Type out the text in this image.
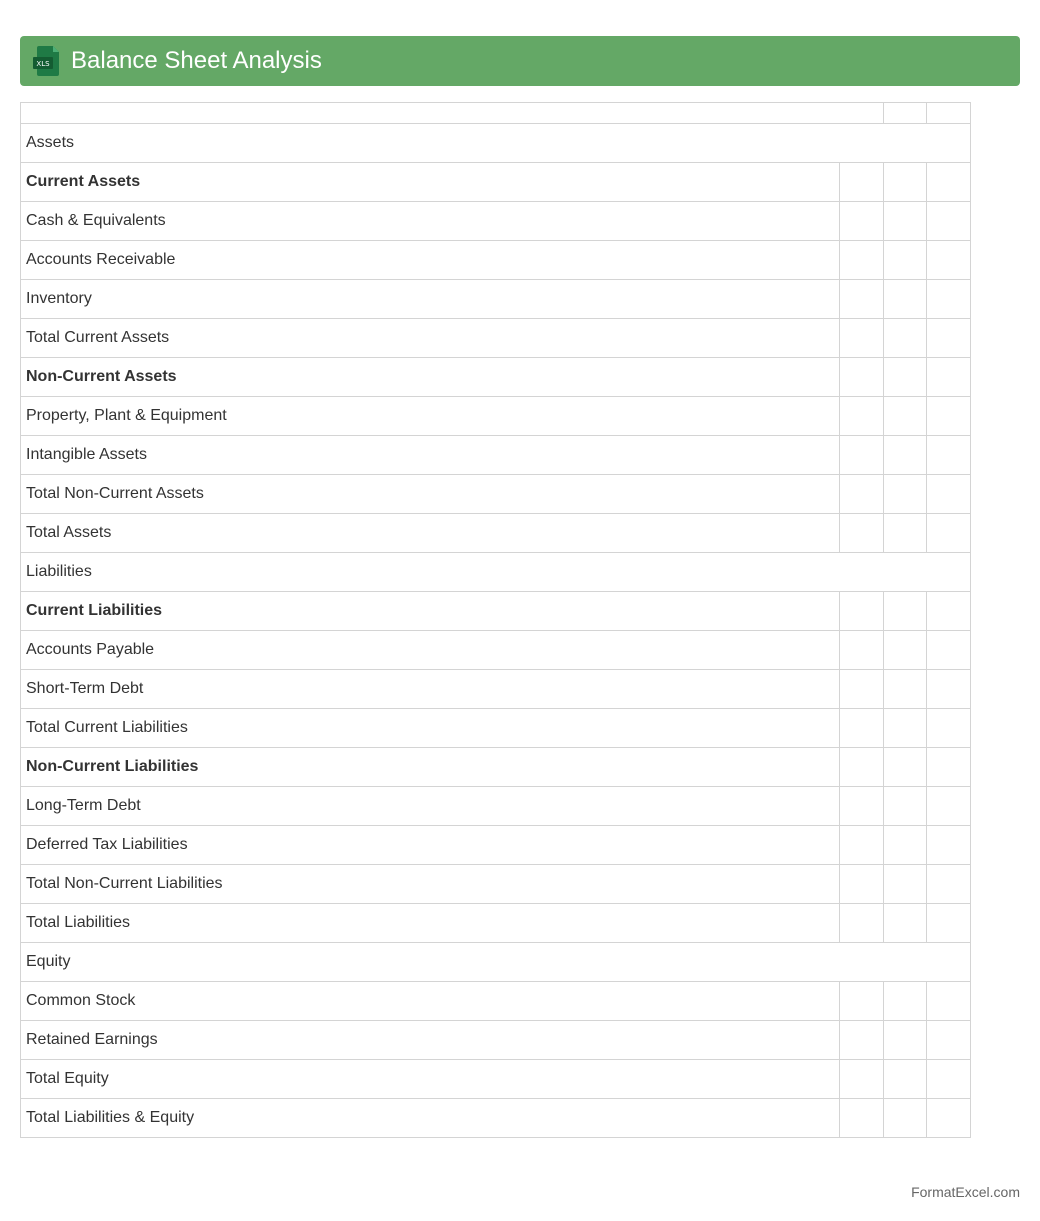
XLS Balance Sheet Analysis

Assets			
Current Assets			
Cash & Equivalents			
Accounts Receivable			
Inventory			
Total Current Assets			
Non-Current Assets			
Property, Plant & Equipment			
Intangible Assets			
Total Non-Current Assets			
Total Assets			
Liabilities			
Current Liabilities			
Accounts Payable			
Short-Term Debt			
Total Current Liabilities			
Non-Current Liabilities			
Long-Term Debt			
Deferred Tax Liabilities			
Total Non-Current Liabilities			
Total Liabilities			
Equity			
Common Stock			
Retained Earnings			
Total Equity			
Total Liabilities & Equity			
FormatExcel.com
